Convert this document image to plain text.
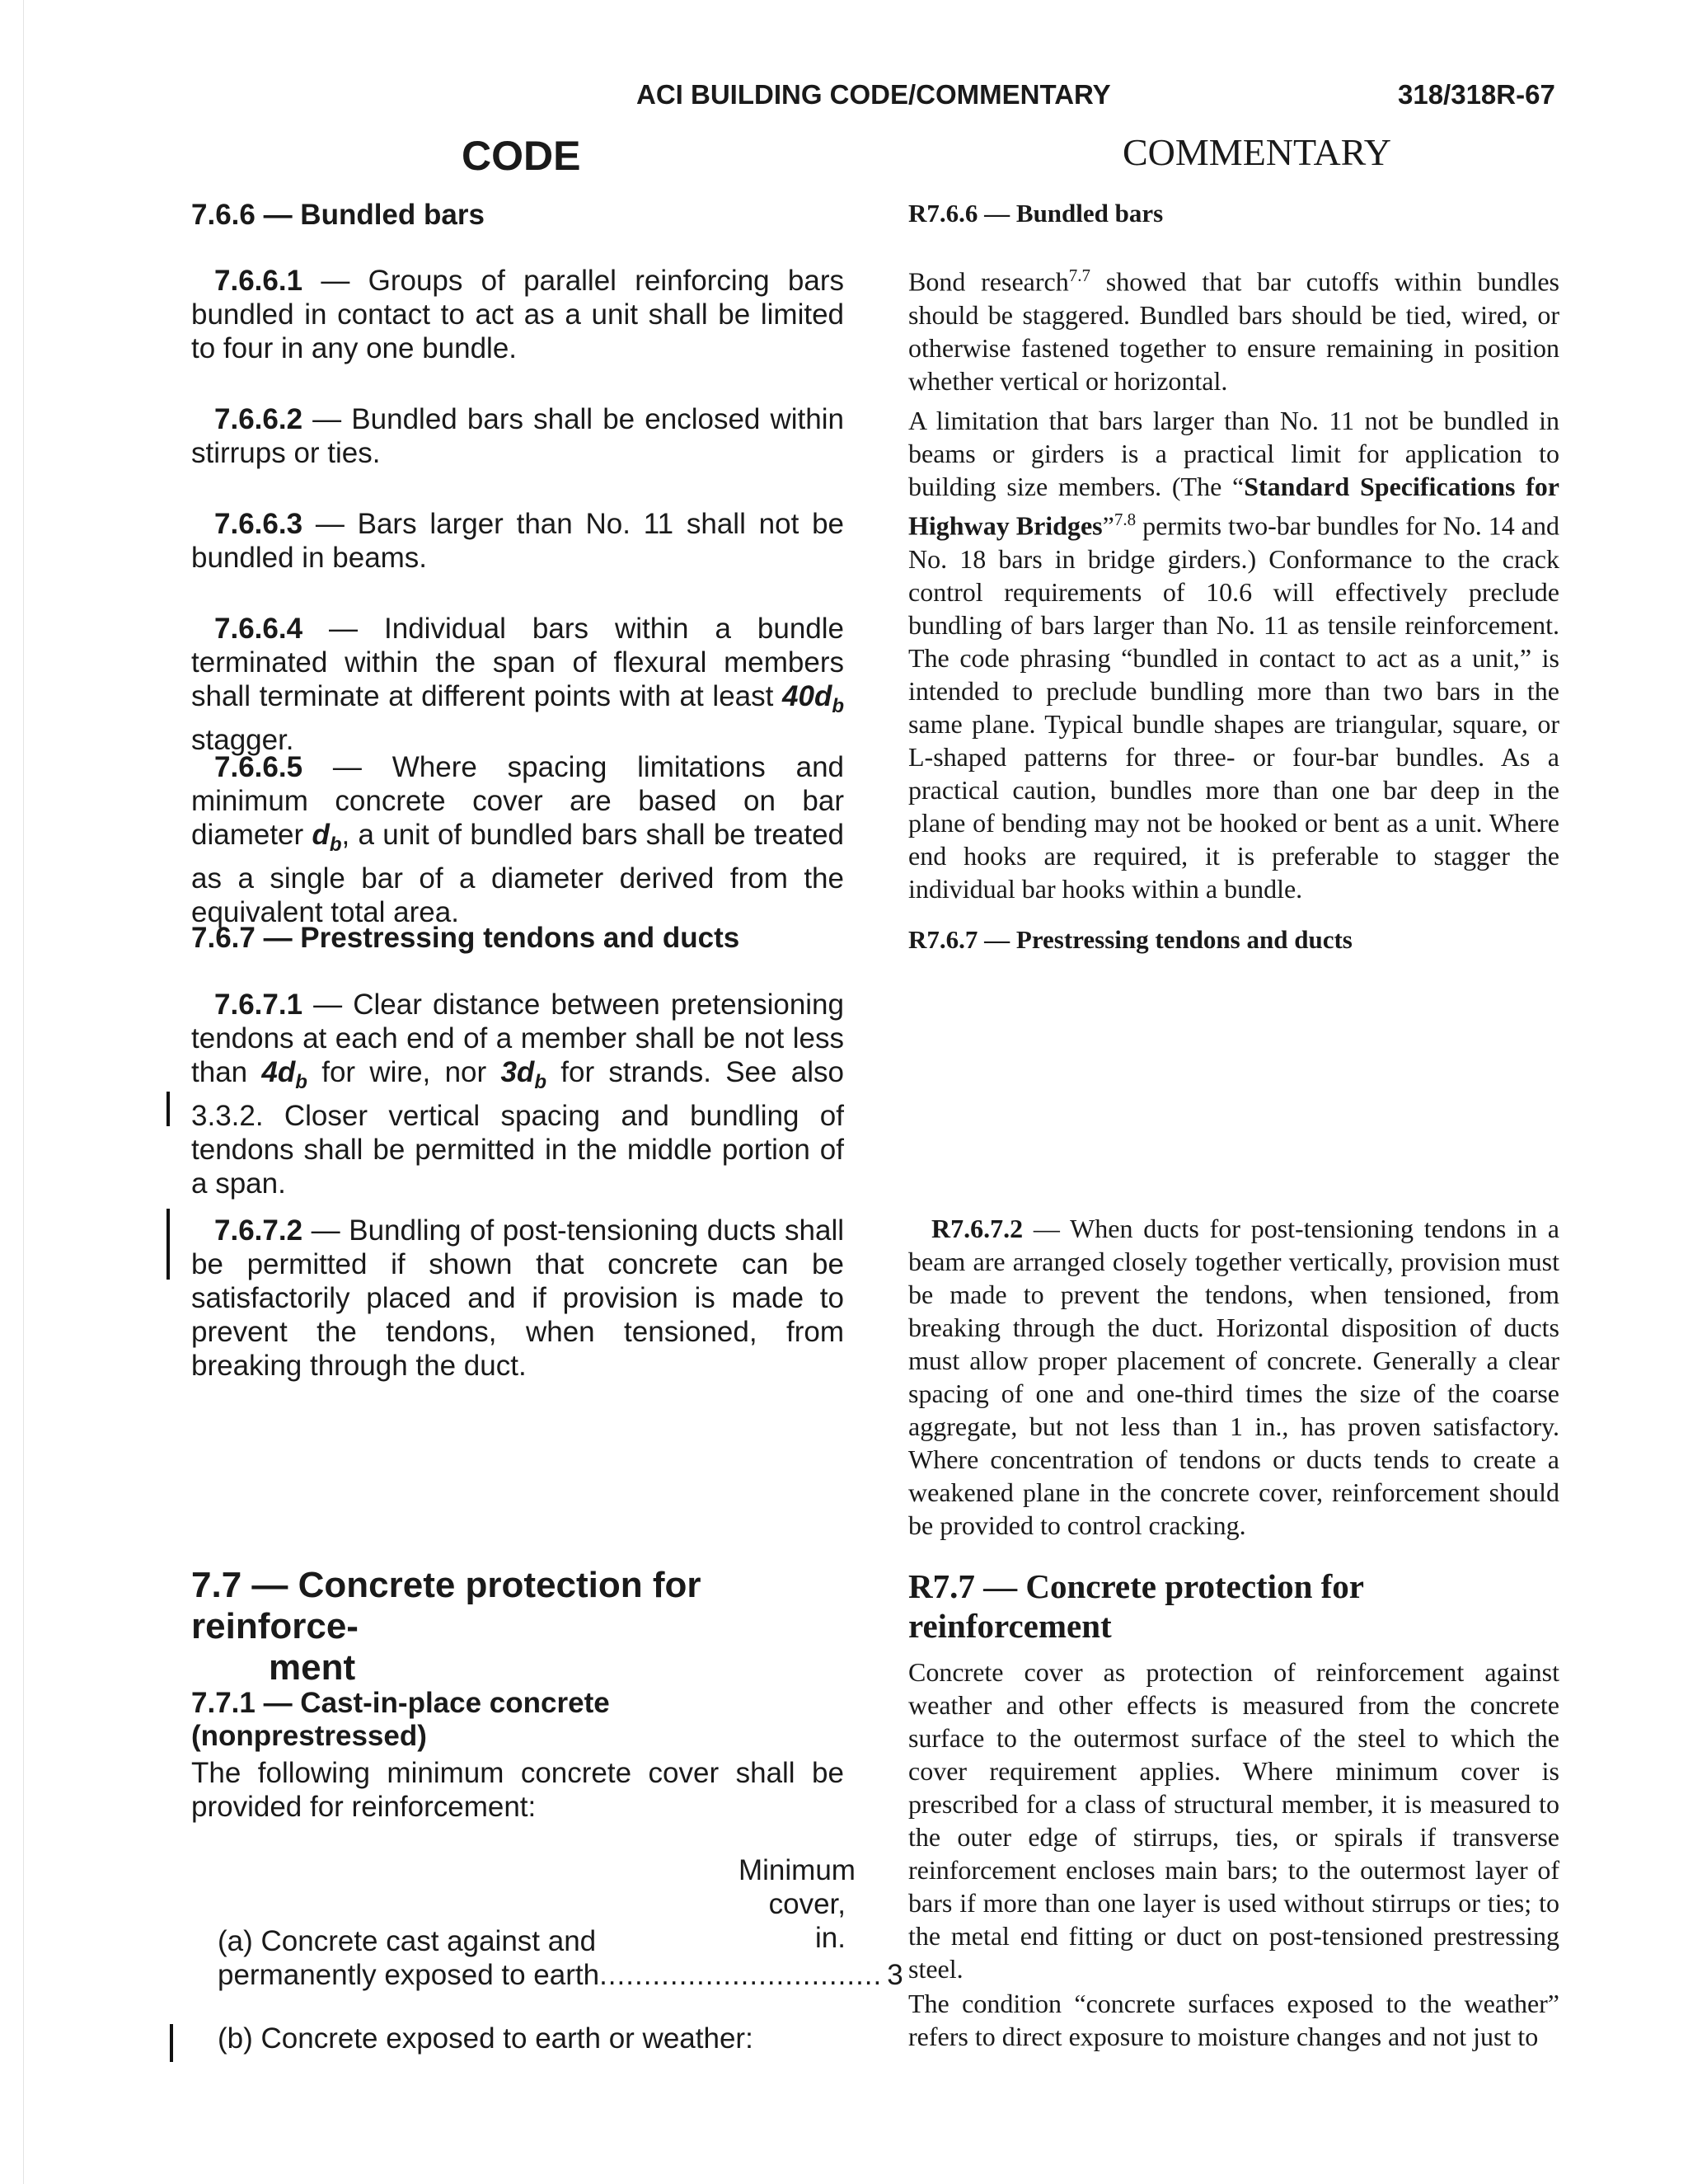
ACI BUILDING CODE/COMMENTARY	318/318R-67
CODE	COMMENTARY
7.6.6 — Bundled bars
7.6.6.1 — Groups of parallel reinforcing bars bundled in contact to act as a unit shall be limited to four in any one bundle.
7.6.6.2 — Bundled bars shall be enclosed within stirrups or ties.
7.6.6.3 — Bars larger than No. 11 shall not be bundled in beams.
7.6.6.4 — Individual bars within a bundle terminated within the span of flexural members shall terminate at different points with at least $40d_b$ stagger.
7.6.6.5 — Where spacing limitations and minimum concrete cover are based on bar diameter $d_b$, a unit of bundled bars shall be treated as a single bar of a diameter derived from the equivalent total area.
7.6.7 — Prestressing tendons and ducts
7.6.7.1 — Clear distance between pretensioning tendons at each end of a member shall be not less than $4d_b$ for wire, nor $3d_b$ for strands. See also 3.3.2. Closer vertical spacing and bundling of tendons shall be permitted in the middle portion of a span.
7.6.7.2 — Bundling of post-tensioning ducts shall be permitted if shown that concrete can be satisfactorily placed and if provision is made to prevent the tendons, when tensioned, from breaking through the duct.
7.7 — Concrete protection for reinforce-
ment
7.7.1 — Cast-in-place concrete (nonprestressed)
The following minimum concrete cover shall be provided for reinforcement:
Minimum
cover, in.
(a) Concrete cast against and
permanently exposed to earth ................................ 3
(b) Concrete exposed to earth or weather:
R7.6.6 — Bundled bars
Bond research$^{7.7}$ showed that bar cutoffs within bundles should be staggered. Bundled bars should be tied, wired, or otherwise fastened together to ensure remaining in position whether vertical or horizontal.
A limitation that bars larger than No. 11 not be bundled in beams or girders is a practical limit for application to building size members. (The “Standard Specifications for Highway Bridges”$^{7.8}$ permits two-bar bundles for No. 14 and No. 18 bars in bridge girders.) Conformance to the crack control requirements of 10.6 will effectively preclude bundling of bars larger than No. 11 as tensile reinforcement. The code phrasing “bundled in contact to act as a unit,” is intended to preclude bundling more than two bars in the same plane. Typical bundle shapes are triangular, square, or L-shaped patterns for three- or four-bar bundles. As a practical caution, bundles more than one bar deep in the plane of bending may not be hooked or bent as a unit. Where end hooks are required, it is preferable to stagger the individual bar hooks within a bundle.
R7.6.7 — Prestressing tendons and ducts
R7.6.7.2 — When ducts for post-tensioning tendons in a beam are arranged closely together vertically, provision must be made to prevent the tendons, when tensioned, from breaking through the duct. Horizontal disposition of ducts must allow proper placement of concrete. Generally a clear spacing of one and one-third times the size of the coarse aggregate, but not less than 1 in., has proven satisfactory. Where concentration of tendons or ducts tends to create a weakened plane in the concrete cover, reinforcement should be provided to control cracking.
R7.7 — Concrete protection for reinforcement
Concrete cover as protection of reinforcement against weather and other effects is measured from the concrete surface to the outermost surface of the steel to which the cover requirement applies. Where minimum cover is prescribed for a class of structural member, it is measured to the outer edge of stirrups, ties, or spirals if transverse reinforcement encloses main bars; to the outermost layer of bars if more than one layer is used without stirrups or ties; to the metal end fitting or duct on post-tensioned prestressing steel.
The condition “concrete surfaces exposed to the weather” refers to direct exposure to moisture changes and not just to
